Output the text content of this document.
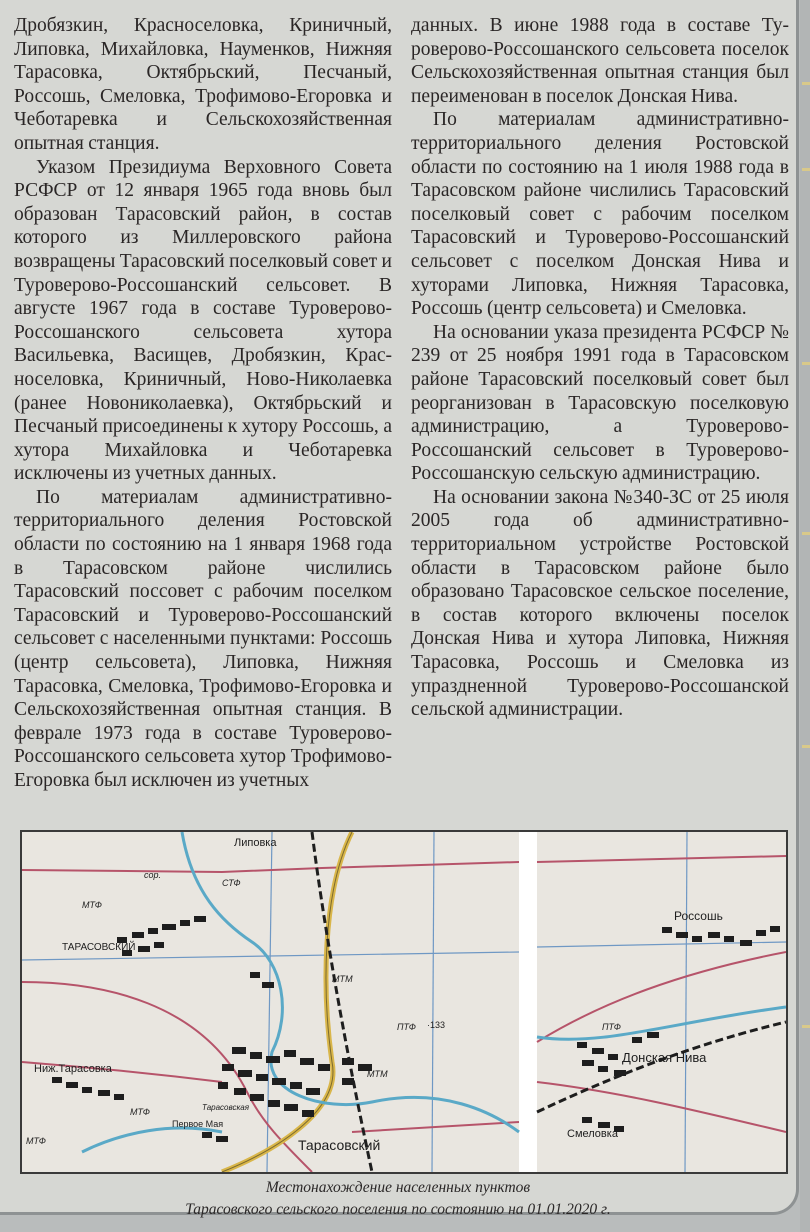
Дробязкин, Красноселовка, Криничный, Липовка, Михайловка, Науменков, Нижняя Тарасовка, Октябрьский, Песчаный, Россошь, Смеловка, Трофимово-Егоровка и Чеботаревка и Сельскохозяйственная опытная станция.

Указом Президиума Верховного Совета РСФСР от 12 января 1965 года вновь был образован Тарасовский район, в состав которого из Миллеровского района возвращены Тарасовский поселковый совет и Туроверово-Россошанский сельсовет. В августе 1967 года в составе Туроверово-Россошанского сельсовета хутора Васильевка, Васищев, Дробязкин, Красноселовка, Криничный, Ново-Николаевка (ранее Новониколаевка), Октябрьский и Песчаный присоединены к хутору Россошь, а хутора Михайловка и Чеботаревка исключены из учетных данных.

По материалам административно-территориального деления Ростовской области по состоянию на 1 января 1968 года в Тарасовском районе числились Тарасовский поссовет с рабочим поселком Тарасовский и Туроверово-Россошанский сельсовет с населенными пунктами: Россошь (центр сельсовета), Липовка, Нижняя Тарасовка, Смеловка, Трофимово-Егоровка и Сельскохозяйственная опытная станция. В феврале 1973 года в составе Туроверово-Россошанского сельсовета хутор Трофимово-Егоровка был исключен из учетных

данных. В июне 1988 года в составе Туроверово-Россошанского сельсовета поселок Сельскохозяйственная опытная станция был переименован в поселок Донская Нива.

По материалам административно-территориального деления Ростовской области по состоянию на 1 июля 1988 года в Тарасовском районе числились Тарасовский поселковый совет с рабочим поселком Тарасовский и Туроверово-Россошанский сельсовет с поселком Донская Нива и хуторами Липовка, Нижняя Тарасовка, Россошь (центр сельсовета) и Смеловка.

На основании указа президента РСФСР № 239 от 25 ноября 1991 года в Тарасовском районе Тарасовский поселковый совет был реорганизован в Тарасовскую поселковую администрацию, а Туроверово-Россошанский сельсовет в Туроверово-Россошанскую сельскую администрацию.

На основании закона №340-ЗС от 25 июля 2005 года об административно-территориальном устройстве Ростовской области в Тарасовском районе было образовано Тарасовское сельское поселение, в состав которого включены поселок Донская Нива и хутора Липовка, Нижняя Тарасовка, Россошь и Смеловка из упраздненной Туроверово-Россошанской сельской администрации.

Липовка
ТАРАСОВСКИЙ
Ниж.Тарасовка
Первое Мая
Тарасовская
Тарасовский
Россошь
Донская Нива
Смеловка
МТФ
МТФ
МТФ
МТМ
МТМ
СТФ
ПТФ	ПТФ
сор.
·133
Местонахождение населенных пунктов
Тарасовского сельского поселения по состоянию на 01.01.2020 г.
